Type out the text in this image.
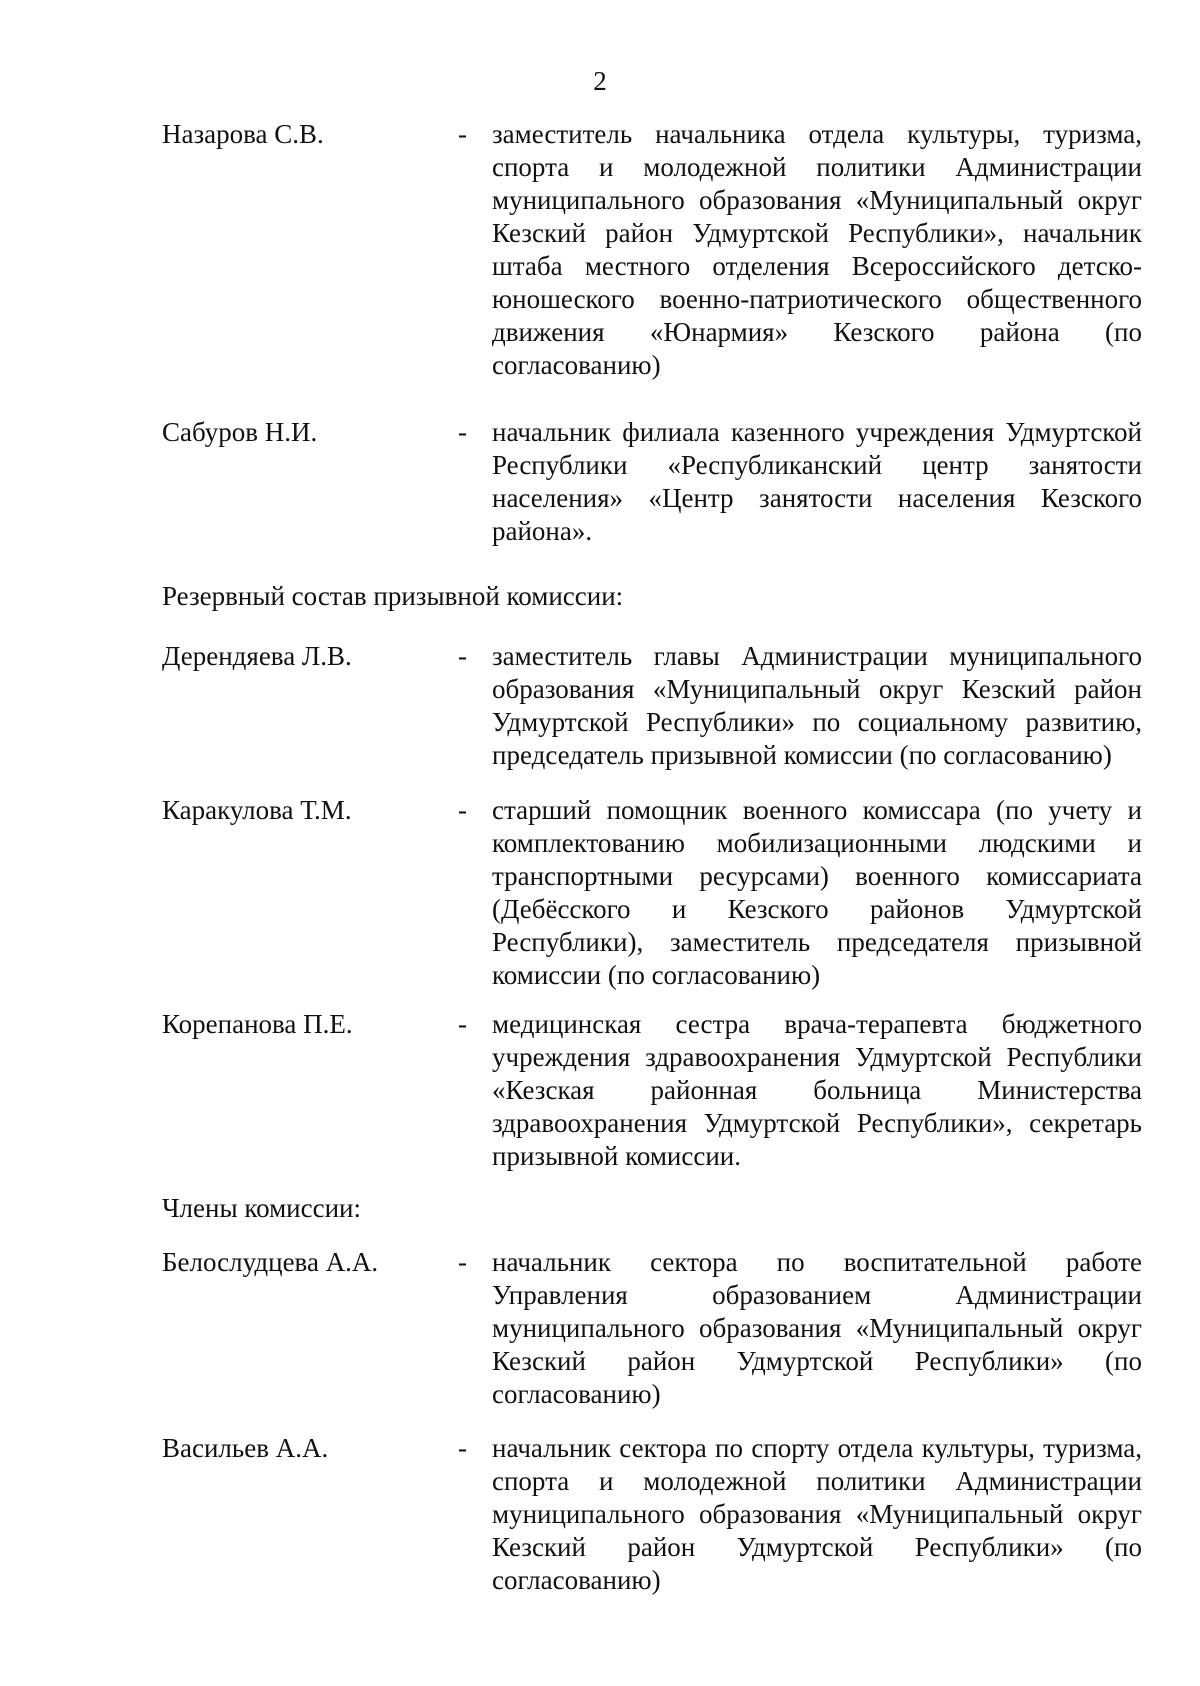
2
Назарова С.В.	- заместитель начальника отдела культуры, туризма, спорта и молодежной политики Администрации муниципального образования «Муниципальный округ Кезский район Удмуртской Республики», начальник штаба местного отделения Всероссийского детско-юношеского военно-патриотического общественного движения «Юнармия» Кезского района (по согласованию)
Сабуров Н.И.	- начальник филиала казенного учреждения Удмуртской Республики «Республиканский центр занятости населения» «Центр занятости населения Кезского района».
Резервный состав призывной комиссии:
Дерендяева Л.В.	- заместитель главы Администрации муниципального образования «Муниципальный округ Кезский район Удмуртской Республики» по социальному развитию, председатель призывной комиссии (по согласованию)
Каракулова Т.М.	- старший помощник военного комиссара (по учету и комплектованию мобилизационными людскими и транспортными ресурсами) военного комиссариата (Дебёсского и Кезского районов Удмуртской Республики), заместитель председателя призывной комиссии (по согласованию)
Корепанова П.Е.	- медицинская сестра врача-терапевта бюджетного учреждения здравоохранения Удмуртской Республики «Кезская районная больница Министерства здравоохранения Удмуртской Республики», секретарь призывной комиссии.
Члены комиссии:
Белослудцева А.А.	- начальник сектора по воспитательной работе Управления образованием Администрации муниципального образования «Муниципальный округ Кезский район Удмуртской Республики» (по согласованию)
Васильев А.А.	- начальник сектора по спорту отдела культуры, туризма, спорта и молодежной политики Администрации муниципального образования «Муниципальный округ Кезский район Удмуртской Республики» (по согласованию)
